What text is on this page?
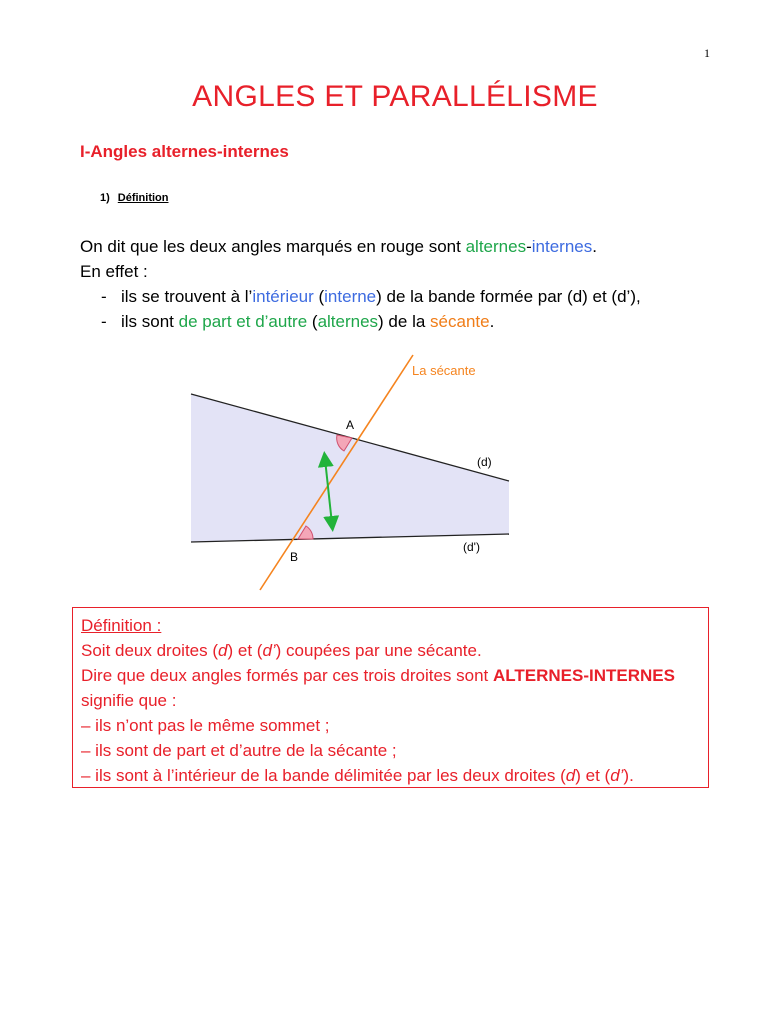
1
ANGLES ET PARALLÉLISME
I-Angles alternes-internes
1) Définition

On dit que les deux angles marqués en rouge sont alternes-internes.

En effet :

- ils se trouvent à l’intérieur (interne) de la bande formée par (d) et (d’),
- ils sont de part et d’autre (alternes) de la sécante.
La sécante
A
B
(d)
(d')

Définition :

Soit deux droites (d) et (d’) coupées par une sécante.

Dire que deux angles formés par ces trois droites sont ALTERNES-INTERNES

signifie que :

– ils n’ont pas le même sommet ;

– ils sont de part et d’autre de la sécante ;

– ils sont à l’intérieur de la bande délimitée par les deux droites (d) et (d’).
